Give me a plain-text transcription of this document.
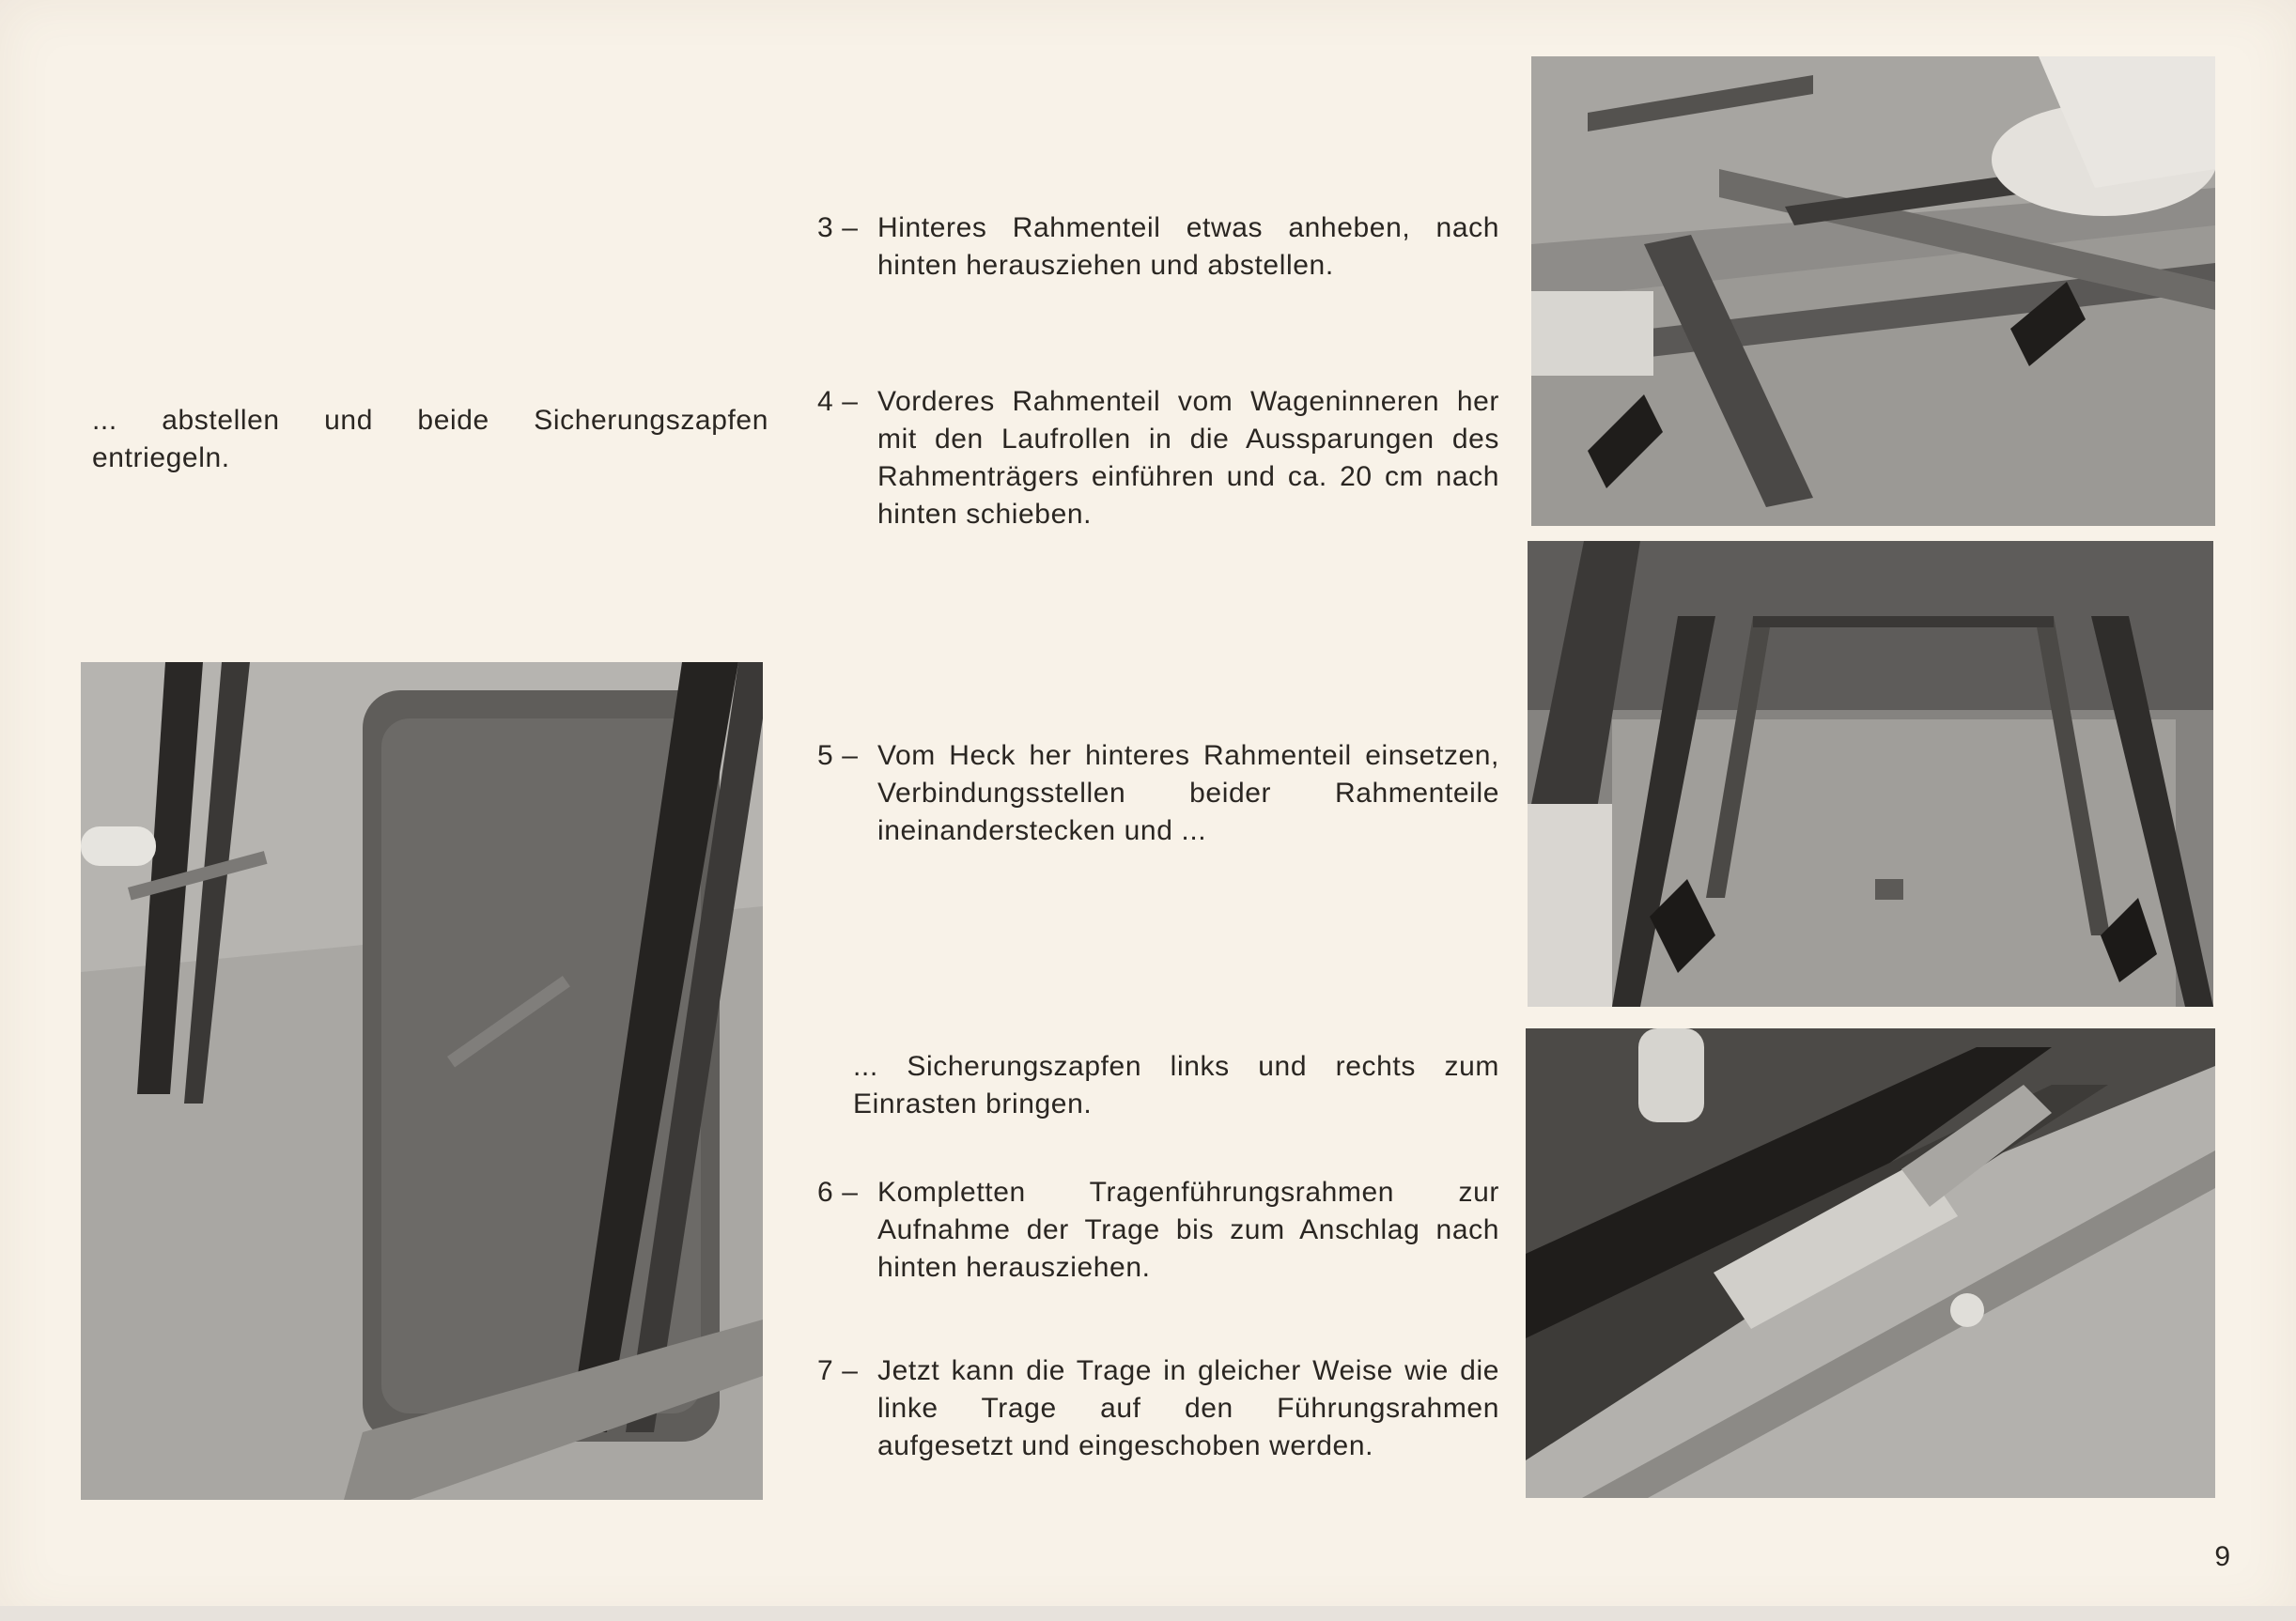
... abstellen und beide Sicherungszapfen entriegeln.
3 – Hinteres Rahmenteil etwas anheben, nach hinten herausziehen und abstellen.
4 – Vorderes Rahmenteil vom Wageninneren her mit den Laufrollen in die Aussparungen des Rahmenträgers einführen und ca. 20 cm nach hinten schieben.
5 – Vom Heck her hinteres Rahmenteil einsetzen, Verbindungsstellen beider Rahmenteile ineinanderstecken und ...
... Sicherungszapfen links und rechts zum Einrasten bringen.
6 – Kompletten Tragenführungsrahmen zur Aufnahme der Trage bis zum Anschlag nach hinten herausziehen.
7 – Jetzt kann die Trage in gleicher Weise wie die linke Trage auf den Führungsrahmen aufgesetzt und eingeschoben werden.
9
